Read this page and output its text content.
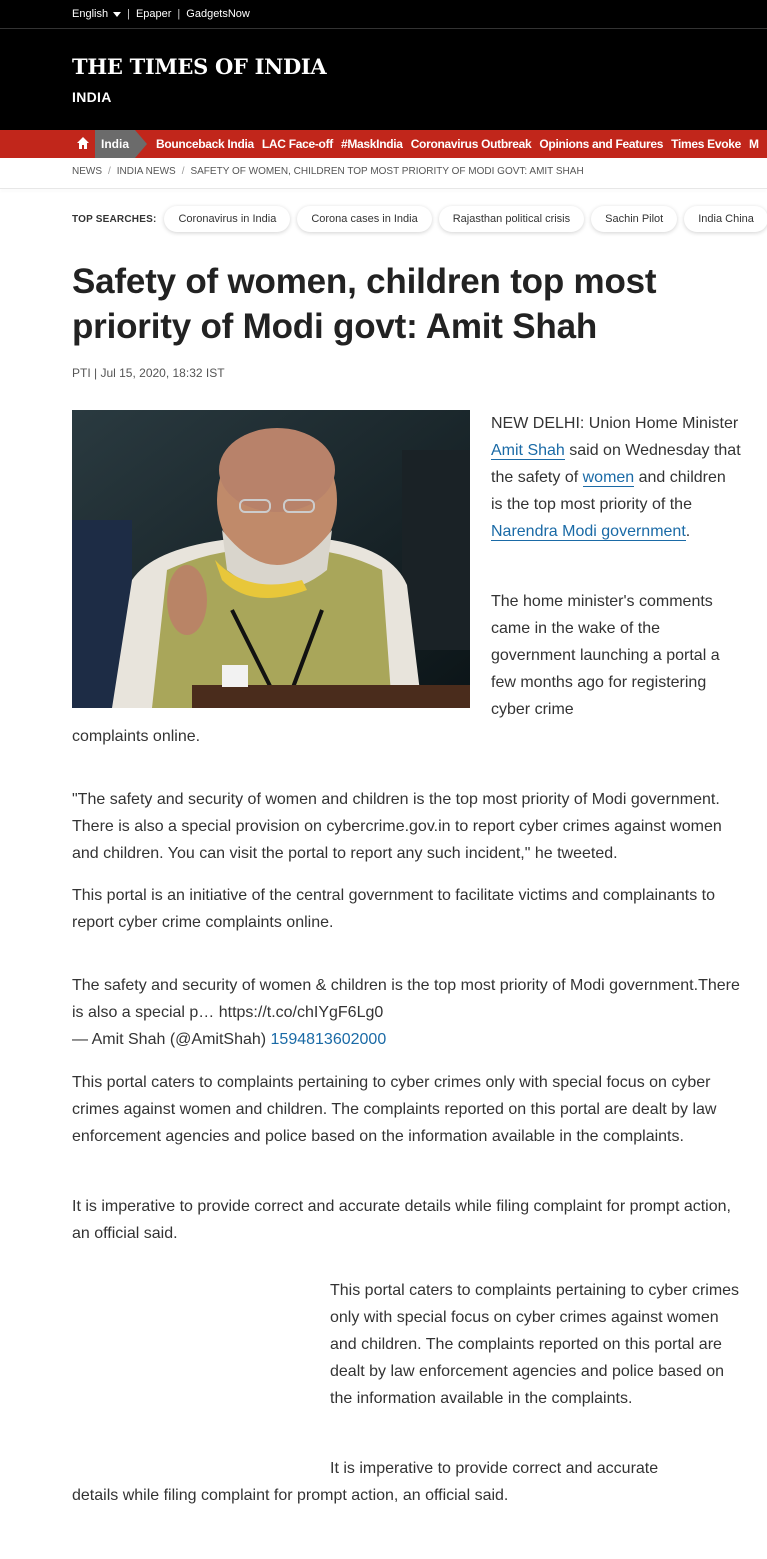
English | Epaper | GadgetsNow
THE TIMES OF INDIA
INDIA
India	Bounceback India LAC Face-off #MaskIndia Coronavirus Outbreak Opinions and Features Times Evoke M
NEWS / INDIA NEWS / SAFETY OF WOMEN, CHILDREN TOP MOST PRIORITY OF MODI GOVT: AMIT SHAH
TOP SEARCHES:	Coronavirus in India	Corona cases in India	Rajasthan political crisis	Sachin Pilot	India China
Safety of women, children top most priority of Modi govt: Amit Shah
PTI | Jul 15, 2020, 18:32 IST
NEW DELHI: Union Home Minister Amit Shah said on Wednesday that the safety of women and children is the top most priority of the Narendra Modi government.
The home minister's comments came in the wake of the government launching a portal a few months ago for registering cyber crime
complaints online.
"The safety and security of women and children is the top most priority of Modi government. There is also a special provision on cybercrime.gov.in to report cyber crimes against women and children. You can visit the portal to report any such incident," he tweeted.
This portal is an initiative of the central government to facilitate victims and complainants to report cyber crime complaints online.
The safety and security of women & children is the top most priority of Modi government.There is also a special p… https://t.co/chIYgF6Lg0
— Amit Shah (@AmitShah) 1594813602000
This portal caters to complaints pertaining to cyber crimes only with special focus on cyber crimes against women and children. The complaints reported on this portal are dealt by law enforcement agencies and police based on the information available in the complaints.
It is imperative to provide correct and accurate details while filing complaint for prompt action, an official said.
This portal caters to complaints pertaining to cyber crimes only with special focus on cyber crimes against women and children. The complaints reported on this portal are dealt by law enforcement agencies and police based on the information available in the complaints.
It is imperative to provide correct and accurate
details while filing complaint for prompt action, an official said.
